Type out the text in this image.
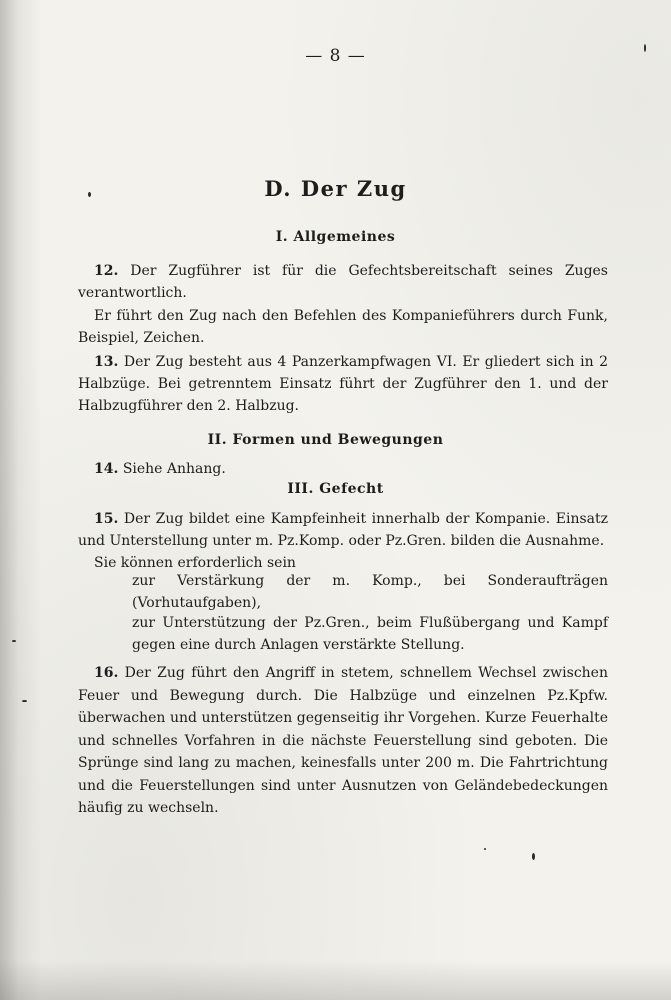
— 8 —
D. Der Zug
I. Allgemeines
12. Der Zugführer ist für die Gefechtsbereitschaft seines Zuges verantwortlich.
Er führt den Zug nach den Befehlen des Kompanieführers durch Funk, Beispiel, Zeichen.
13. Der Zug besteht aus 4 Panzerkampfwagen VI. Er gliedert sich in 2 Halbzüge. Bei getrenntem Einsatz führt der Zugführer den 1. und der Halbzugführer den 2. Halbzug.
II. Formen und Bewegungen
14. Siehe Anhang.
III. Gefecht
15. Der Zug bildet eine Kampfeinheit innerhalb der Kompanie. Einsatz und Unterstellung unter m. Pz.Komp. oder Pz.Gren. bilden die Ausnahme.
Sie können erforderlich sein
zur Verstärkung der m. Komp., bei Sonderaufträgen (Vorhutaufgaben),
zur Unterstützung der Pz.Gren., beim Flußübergang und Kampf gegen eine durch Anlagen verstärkte Stellung.
16. Der Zug führt den Angriff in stetem, schnellem Wechsel zwischen Feuer und Bewegung durch. Die Halbzüge und einzelnen Pz.Kpfw. überwachen und unterstützen gegenseitig ihr Vorgehen. Kurze Feuerhalte und schnelles Vorfahren in die nächste Feuerstellung sind geboten. Die Sprünge sind lang zu machen, keinesfalls unter 200 m. Die Fahrtrichtung und die Feuerstellungen sind unter Ausnutzen von Geländebedeckungen häufig zu wechseln.
